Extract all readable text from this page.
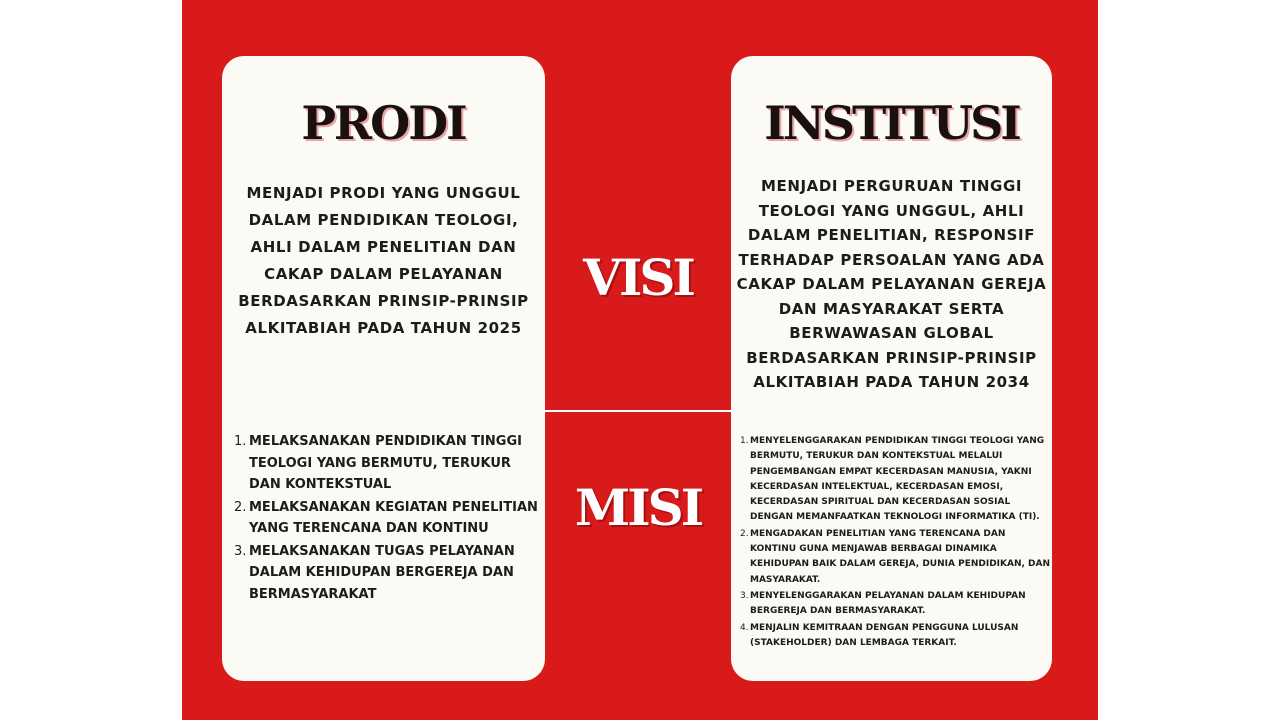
PRODI
MENJADI PRODI YANG UNGGUL DALAM PENDIDIKAN TEOLOGI, AHLI DALAM PENELITIAN DAN CAKAP DALAM PELAYANAN BERDASARKAN PRINSIP-PRINSIP ALKITABIAH PADA TAHUN 2025
1. MELAKSANAKAN PENDIDIKAN TINGGI TEOLOGI YANG BERMUTU, TERUKUR DAN KONTEKSTUAL
2. MELAKSANAKAN KEGIATAN PENELITIAN YANG TERENCANA DAN KONTINU
3. MELAKSANAKAN TUGAS PELAYANAN DALAM KEHIDUPAN BERGEREJA DAN BERMASYARAKAT
VISI
MISI
INSTITUSI
MENJADI PERGURUAN TINGGI TEOLOGI YANG UNGGUL, AHLI DALAM PENELITIAN, RESPONSIF TERHADAP PERSOALAN YANG ADA CAKAP DALAM PELAYANAN GEREJA DAN MASYARAKAT SERTA BERWAWASAN GLOBAL BERDASARKAN PRINSIP-PRINSIP ALKITABIAH PADA TAHUN 2034
1. MENYELENGGARAKAN PENDIDIKAN TINGGI TEOLOGI YANG BERMUTU, TERUKUR DAN KONTEKSTUAL MELALUI PENGEMBANGAN EMPAT KECERDASAN MANUSIA, YAKNI KECERDASAN INTELEKTUAL, KECERDASAN EMOSI, KECERDASAN SPIRITUAL DAN KECERDASAN SOSIAL DENGAN MEMANFAATKAN TEKNOLOGI INFORMATIKA (TI).
2. MENGADAKAN PENELITIAN YANG TERENCANA DAN KONTINU GUNA MENJAWAB BERBAGAI DINAMIKA KEHIDUPAN BAIK DALAM GEREJA, DUNIA PENDIDIKAN, DAN MASYARAKAT.
3. MENYELENGGARAKAN PELAYANAN DALAM KEHIDUPAN BERGEREJA DAN BERMASYARAKAT.
4. MENJALIN KEMITRAAN DENGAN PENGGUNA LULUSAN (STAKEHOLDER) DAN LEMBAGA TERKAIT.
